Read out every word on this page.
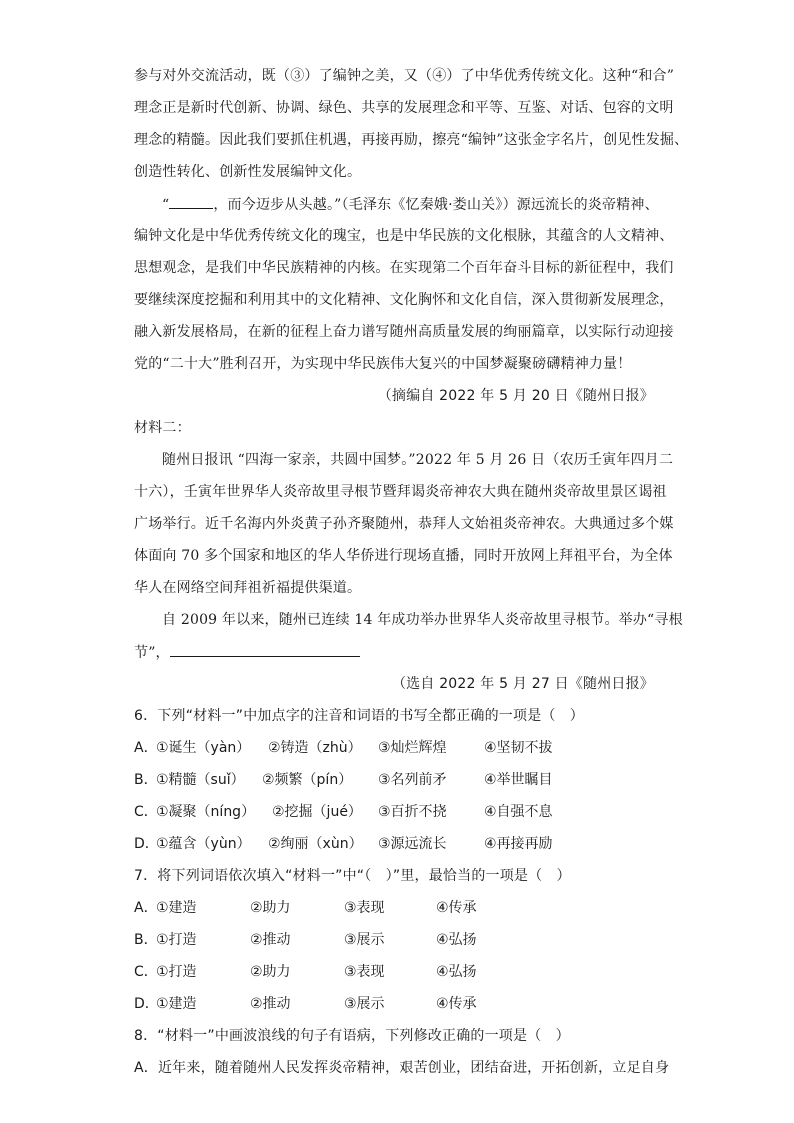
参与对外交流活动，既（③）了编钟之美，又（④）了中华优秀传统文化。这种“和合”
理念正是新时代创新、协调、绿色、共享的发展理念和平等、互鉴、对话、包容的文明
理念的精髓。因此我们要抓住机遇，再接再励，擦亮“编钟”这张金字名片，创见性发掘、
创造性转化、创新性发展编钟文化。
“	，而今迈步从头越。”（毛泽东《忆秦娥·娄山关》）源远流长的炎帝精神、
编钟文化是中华优秀传统文化的瑰宝，也是中华民族的文化根脉，其蕴含的人文精神、
思想观念，是我们中华民族精神的内核。在实现第二个百年奋斗目标的新征程中，我们
要继续深度挖掘和利用其中的文化精神、文化胸怀和文化自信，深入贯彻新发展理念，
融入新发展格局，在新的征程上奋力谱写随州高质量发展的绚丽篇章，以实际行动迎接
党的“二十大”胜利召开，为实现中华民族伟大复兴的中国梦凝聚磅礴精神力量！
（摘编自 2022 年 5 月 20 日《随州日报》
材料二：
随州日报讯 “四海一家亲，共圆中国梦。”2022 年 5 月 26 日（农历壬寅年四月二
十六），壬寅年世界华人炎帝故里寻根节暨拜谒炎帝神农大典在随州炎帝故里景区谒祖
广场举行。近千名海内外炎黄子孙齐聚随州，恭拜人文始祖炎帝神农。大典通过多个媒
体面向 70 多个国家和地区的华人华侨进行现场直播，同时开放网上拜祖平台，为全体
华人在网络空间拜祖祈福提供渠道。
自 2009 年以来，随州已连续 14 年成功举办世界华人炎帝故里寻根节。举办“寻根
节”，
（选自 2022 年 5 月 27 日《随州日报》
6．下列“材料一”中加点字的注音和词语的书写全都正确的一项是（　）
A．
①诞生（yàn） ②铸造（zhù） ③灿烂辉煌	④坚韧不拔
B．
①精髓（suǐ） ②频繁（pín） ③名列前矛	④举世瞩目
C．
①凝聚（níng） ②挖掘（jué） ③百折不挠	④自强不息
D．
①蕴含（yùn） ②绚丽（xùn） ③源远流长	④再接再励
7．将下列词语依次填入“材料一”中“（　）”里，最恰当的一项是（　）
A．
①建造	②助力	③表现	④传承
B．
①打造	②推动	③展示	④弘扬
C．
①打造	②助力	③表现	④弘扬
D．
①建造	②推动	③展示	④传承
8．“材料一”中画波浪线的句子有语病，下列修改正确的一项是（　）
A．近年来，随着随州人民发挥炎帝精神，艰苦创业，团结奋进，开拓创新，立足自身
